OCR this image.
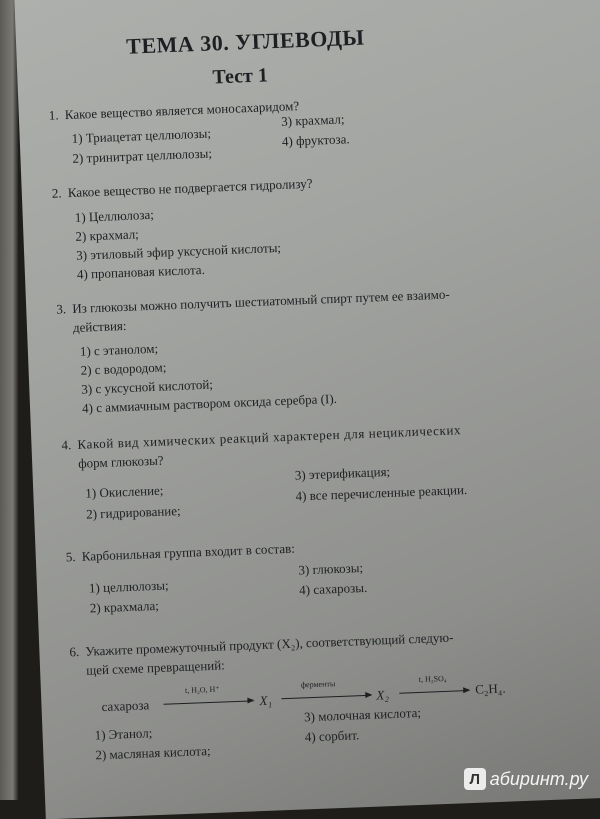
ТЕМА 30. УГЛЕВОДЫ
Тест 1
1. Какое вещество является моносахаридом?
1) Триацетат целлюлозы;
2) тринитрат целлюлозы;
3) крахмал;
4) фруктоза.
2. Какое вещество не подвергается гидролизу?
1) Целлюлоза;
2) крахмал;
3) этиловый эфир уксусной кислоты;
4) пропановая кислота.
3. Из глюкозы можно получить шестиатомный спирт путем ее взаимо-
действия:
1) с этанолом;
2) с водородом;
3) с уксусной кислотой;
4) с аммиачным раствором оксида серебра (I).
4. Какой вид химических реакций характерен для нециклических
форм глюкозы?
1) Окисление;
2) гидрирование;
3) этерификация;
4) все перечисленные реакции.
5. Карбонильная группа входит в состав:
1) целлюлозы;
2) крахмала;
3) глюкозы;
4) сахарозы.
6. Укажите промежуточный продукт (X₂), соответствующий следую-
щей схеме превращений:
сахароза
t, H₂O, H⁺
X₁
ферменты
X₂
t, H₂SO₄
C₂H₄.
1) Этанол;
2) масляная кислота;
3) молочная кислота;
4) сорбит.
Л абиринт.ру
